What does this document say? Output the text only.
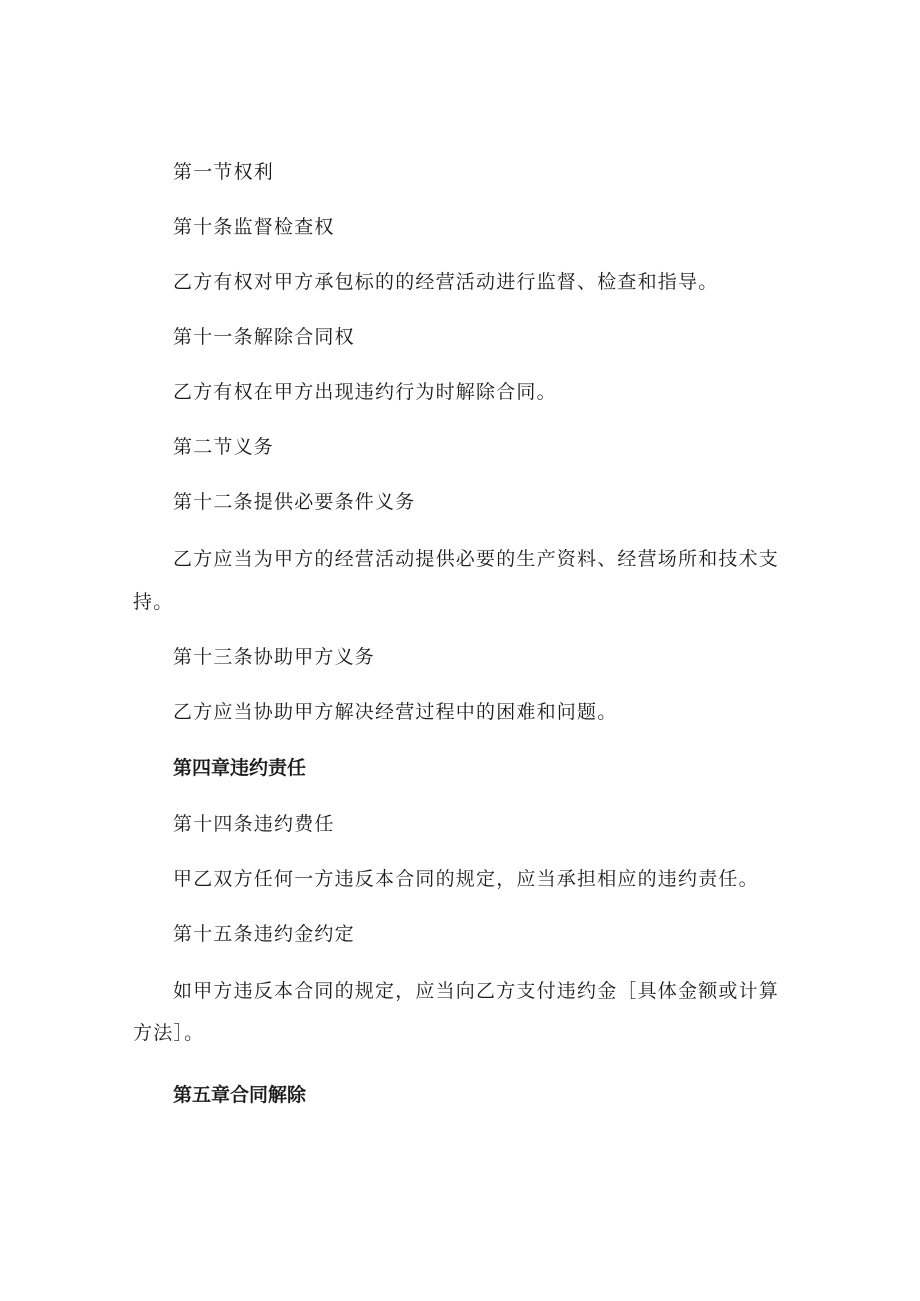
第一节权利
第十条监督检查权
乙方有权对甲方承包标的的经营活动进行监督、检查和指导。
第十一条解除合同权
乙方有权在甲方出现违约行为时解除合同。
第二节义务
第十二条提供必要条件义务
乙方应当为甲方的经营活动提供必要的生产资料、经营场所和技术支
持。
第十三条协助甲方义务
乙方应当协助甲方解决经营过程中的困难和问题。
第四章违约责任
第十四条违约费任
甲乙双方任何一方违反本合同的规定，应当承担相应的违约责任。
第十五条违约金约定
如甲方违反本合同的规定，应当向乙方支付违约金［具体金额或计算
方法］。
第五章合同解除
